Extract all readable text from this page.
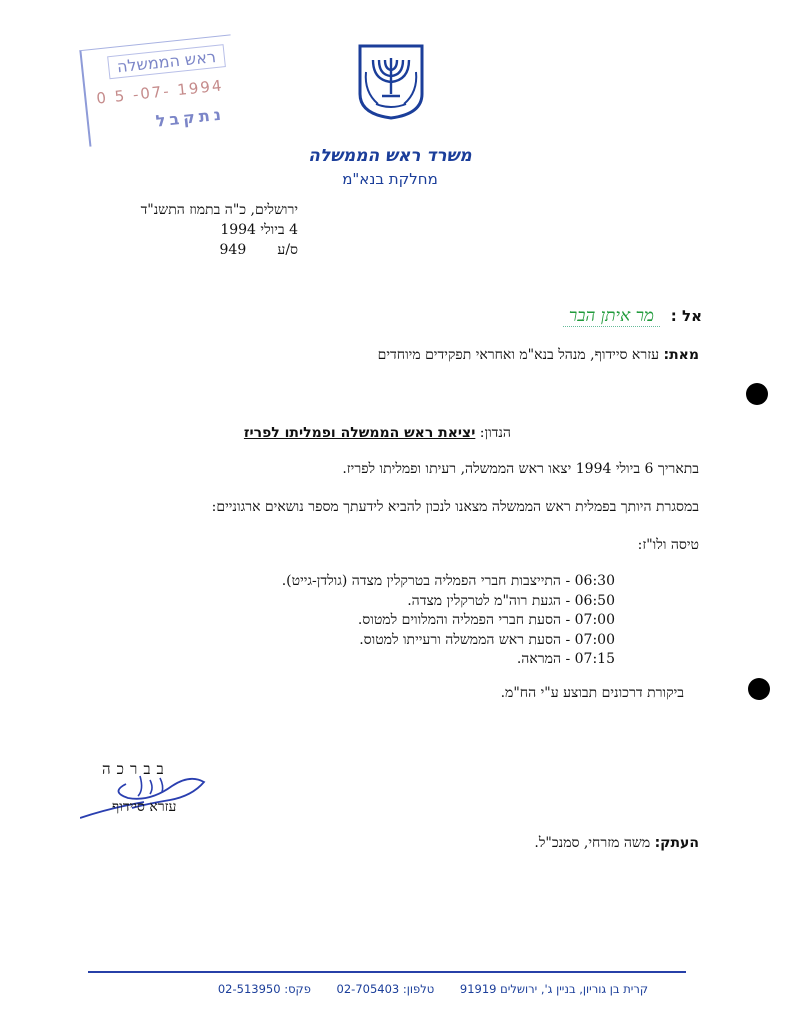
ראש הממשלה
0 5 -07- 1994
נתקבל
משרד ראש הממשלה
מחלקת בנא"מ
ירושלים, כ"ה בתמוז התשנ"ד
4 ביולי 1994
ס/ע       949
אל : מר איתן הבר
מאת: עזרא סיידוף, מנהל בנא"מ ואחראי תפקידים מיוחדים
הנדון: יציאת ראש הממשלה ופמליתו לפריז
בתאריך 6 ביולי 1994 יצאו ראש הממשלה, רעיתו ופמליתו לפריז.
במסגרת היותך בפמלית ראש הממשלה מצאנו לנכון להביא לידעתך מספר נושאים ארגוניים:
טיסה ולו"ז:
06:30 - התייצבות חברי הפמליה בטרקלין מצדה (גולדן-גייט).
06:50 - הגעת רוה"מ לטרקלין מצדה.
07:00 - הסעת חברי הפמליה והמלווים למטוס.
07:00 - הסעת ראש הממשלה ורעייתו למטוס.
07:15 - המראה.
ביקורת דרכונים תבוצע ע"י הח"מ.
בברכה
עזרא סיידוף
העתק: משה מזרחי, סמנכ"ל.
קרית בן גוריון, בניין ג', ירושלים 91919 טלפון: 02-705403 פקס: 02-513950
